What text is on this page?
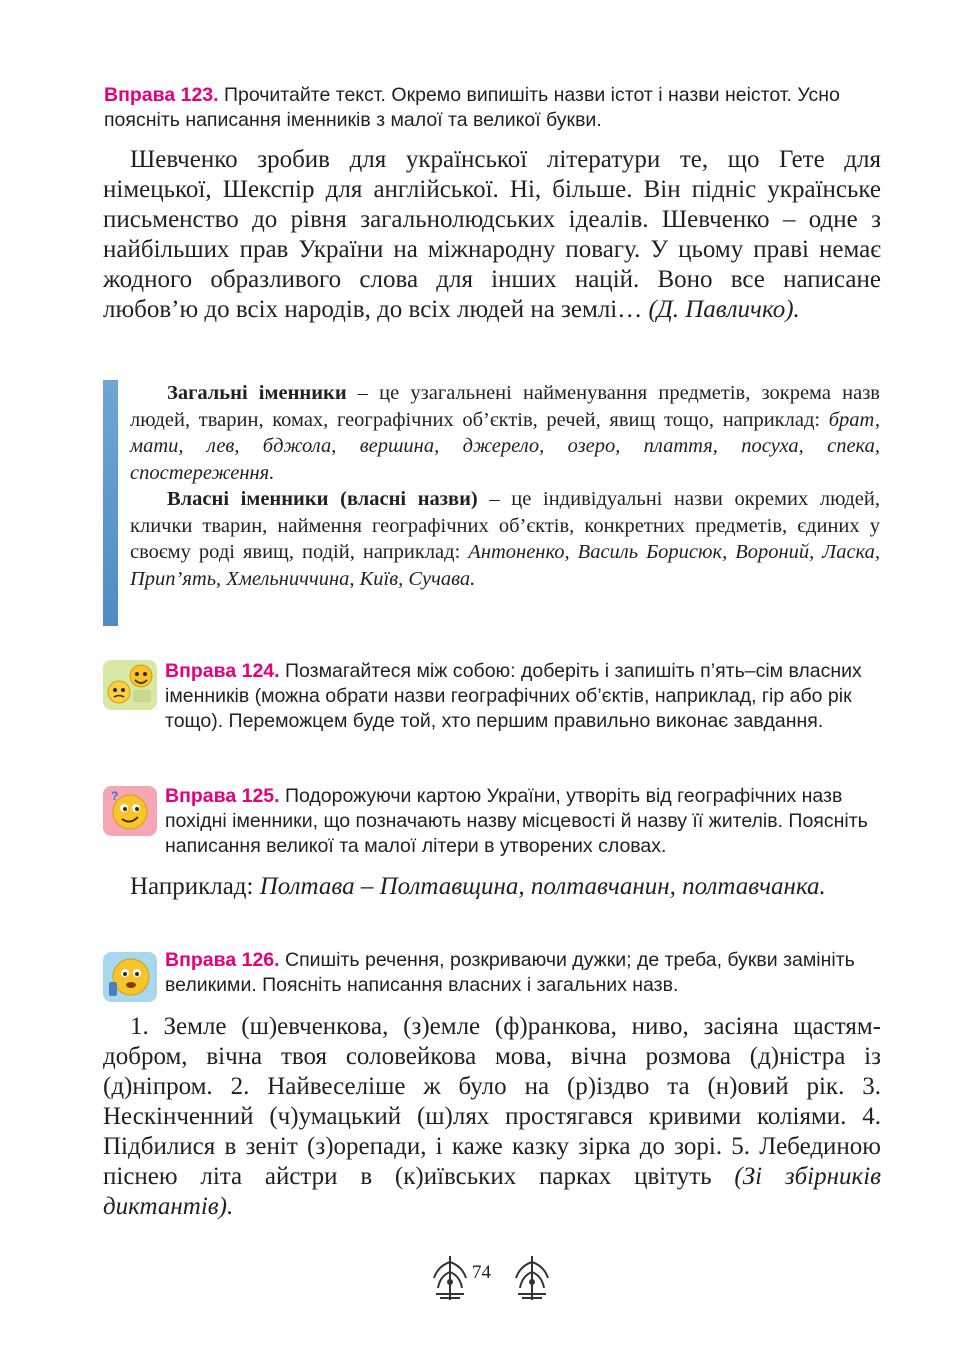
Вправа 123. Прочитайте текст. Окремо випишіть назви істот і назви неістот. Усно поясніть написання іменників з малої та великої букви.
Шевченко зробив для української літератури те, що Гете для німецької, Шекспір для англійської. Ні, більше. Він підніс українське письменство до рівня загальнолюдських ідеалів. Шевченко – одне з найбільших прав України на міжнародну повагу. У цьому праві немає жодного образливого слова для інших націй. Воно все написане любов’ю до всіх народів, до всіх людей на землі… (Д. Павличко).

Загальні іменники – це узагальнені найменування предметів, зокрема назв людей, тварин, комах, географічних об’єктів, речей, явищ тощо, наприклад: брат, мати, лев, бджола, вершина, джерело, озеро, плаття, посуха, спека, спостереження.

Власні іменники (власні назви) – це індивідуальні назви окремих людей, клички тварин, наймення географічних об’єктів, конкретних предметів, єдиних у своєму роді явищ, подій, наприклад: Антоненко, Василь Борисюк, Вороний, Ласка, Прип’ять, Хмельниччина, Київ, Сучава.

Вправа 124. Позмагайтеся між собою: доберіть і запишіть п’ять–сім власних іменників (можна обрати назви географічних об’єктів, наприклад, гір або рік тощо). Переможцем буде той, хто першим правильно виконає завдання.
? Вправа 125. Подорожуючи картою України, утворіть від географічних назв похідні іменники, що позначають назву місцевості й назву її жителів. Поясніть написання великої та малої літери в утворених словах.
Наприклад: Полтава – Полтавщина, полтавчанин, полтавчанка.
Вправа 126. Спишіть речення, розкриваючи дужки; де треба, букви замініть великими. Поясніть написання власних і загальних назв.
1. Земле (ш)евченкова, (з)емле (ф)ранкова, ниво, засіяна щастям-добром, вічна твоя соловейкова мова, вічна розмова (д)ністра із (д)ніпром. 2. Найвеселіше ж було на (р)іздво та (н)овий рік. 3. Нескінченний (ч)умацький (ш)лях простягався кривими коліями. 4. Підбилися в зеніт (з)орепади, і каже казку зірка до зорі. 5. Лебединою піснею літа айстри в (к)иївських парках цвітуть (Зі збірників диктантів).
74
